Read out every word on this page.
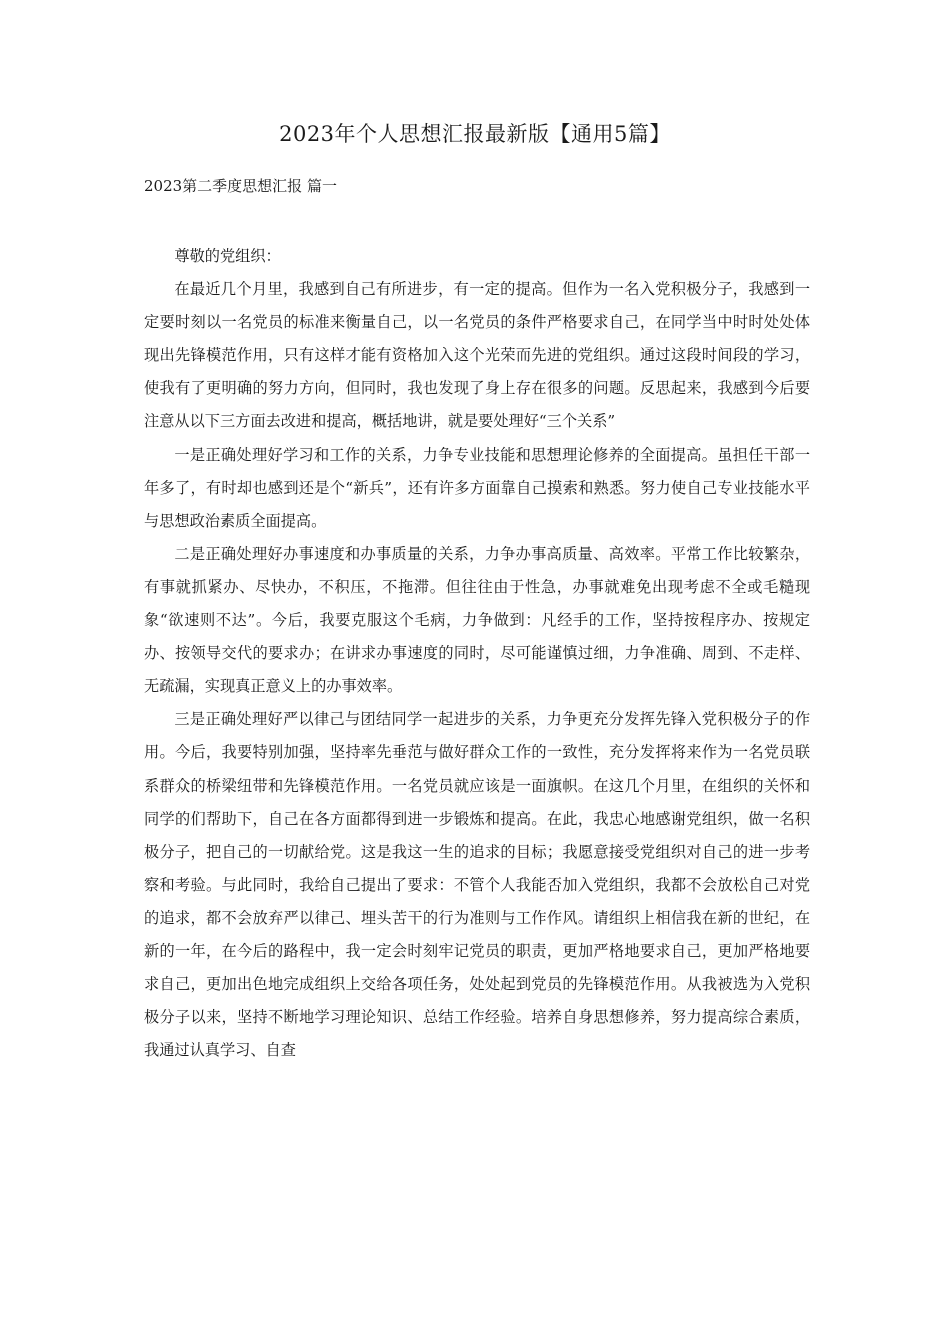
2023年个人思想汇报最新版【通用5篇】
2023第二季度思想汇报 篇一

尊敬的党组织：

在最近几个月里，我感到自己有所进步，有一定的提高。但作为一名入党积极分子，我感到一定要时刻以一名党员的标准来衡量自己，以一名党员的条件严格要求自己，在同学当中时时处处体现出先锋模范作用，只有这样才能有资格加入这个光荣而先进的党组织。通过这段时间段的学习，使我有了更明确的努力方向，但同时，我也发现了身上存在很多的问题。反思起来，我感到今后要注意从以下三方面去改进和提高，概括地讲，就是要处理好“三个关系”

一是正确处理好学习和工作的关系，力争专业技能和思想理论修养的全面提高。虽担任干部一年多了，有时却也感到还是个“新兵”，还有许多方面靠自己摸索和熟悉。努力使自己专业技能水平与思想政治素质全面提高。

二是正确处理好办事速度和办事质量的关系，力争办事高质量、高效率。平常工作比较繁杂，有事就抓紧办、尽快办，不积压，不拖滞。但往往由于性急，办事就难免出现考虑不全或毛糙现象“欲速则不达”。今后，我要克服这个毛病，力争做到：凡经手的工作，坚持按程序办、按规定办、按领导交代的要求办；在讲求办事速度的同时，尽可能谨慎过细，力争准确、周到、不走样、无疏漏，实现真正意义上的办事效率。

三是正确处理好严以律己与团结同学一起进步的关系，力争更充分发挥先锋入党积极分子的作用。今后，我要特别加强，坚持率先垂范与做好群众工作的一致性，充分发挥将来作为一名党员联系群众的桥梁纽带和先锋模范作用。一名党员就应该是一面旗帜。在这几个月里，在组织的关怀和同学的们帮助下，自己在各方面都得到进一步锻炼和提高。在此，我忠心地感谢党组织，做一名积极分子，把自己的一切献给党。这是我这一生的追求的目标；我愿意接受党组织对自己的进一步考察和考验。与此同时，我给自己提出了要求：不管个人我能否加入党组织，我都不会放松自己对党的追求，都不会放弃严以律己、埋头苦干的行为准则与工作作风。请组织上相信我在新的世纪，在新的一年，在今后的路程中，我一定会时刻牢记党员的职责，更加严格地要求自己，更加严格地要求自己，更加出色地完成组织上交给各项任务，处处起到党员的先锋模范作用。从我被选为入党积极分子以来，坚持不断地学习理论知识、总结工作经验。培养自身思想修养，努力提高综合素质，我通过认真学习、自查
